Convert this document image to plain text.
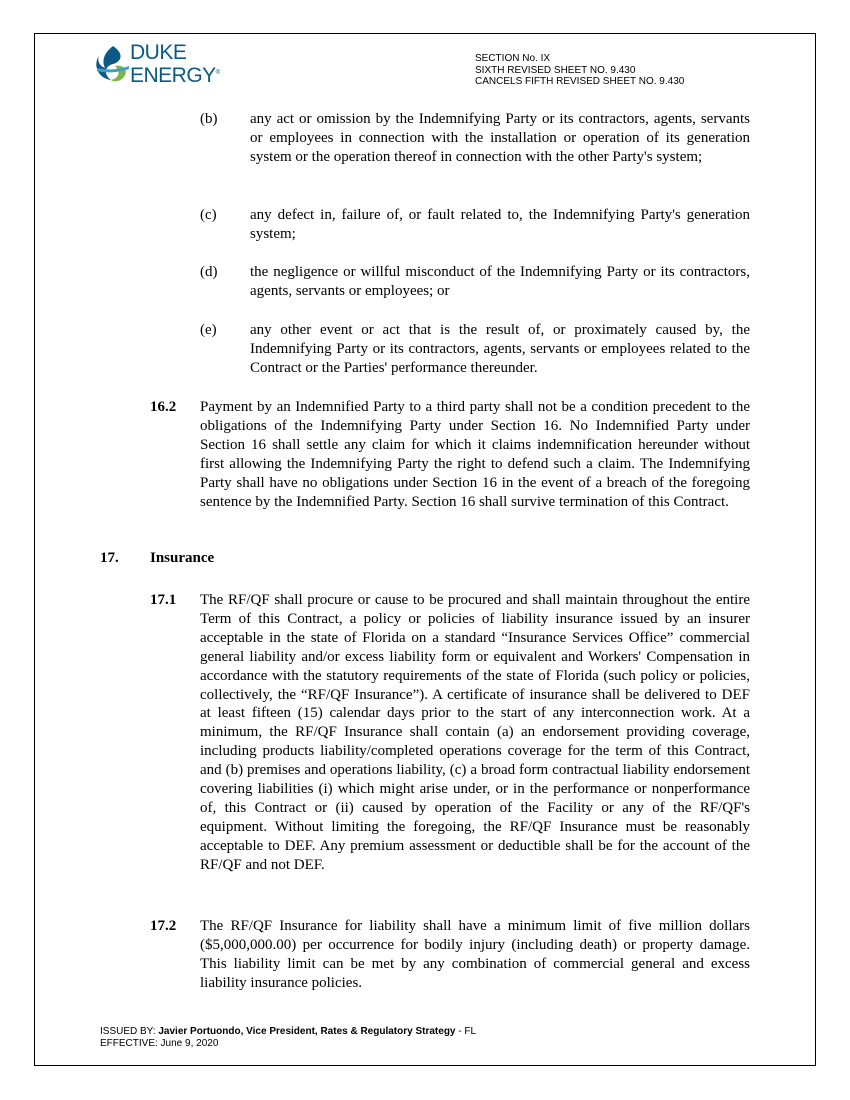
DUKE
ENERGY®
SECTION No. IX
SIXTH REVISED SHEET NO. 9.430
CANCELS FIFTH REVISED SHEET NO. 9.430
(b) any act or omission by the Indemnifying Party or its contractors, agents, servants or employees in connection with the installation or operation of its generation system or the operation thereof in connection with the other Party's system;
(c) any defect in, failure of, or fault related to, the Indemnifying Party's generation system;
(d) the negligence or willful misconduct of the Indemnifying Party or its contractors, agents, servants or employees; or
(e) any other event or act that is the result of, or proximately caused by, the Indemnifying Party or its contractors, agents, servants or employees related to the Contract or the Parties' performance thereunder.
16.2 Payment by an Indemnified Party to a third party shall not be a condition precedent to the obligations of the Indemnifying Party under Section 16. No Indemnified Party under Section 16 shall settle any claim for which it claims indemnification hereunder without first allowing the Indemnifying Party the right to defend such a claim. The Indemnifying Party shall have no obligations under Section 16 in the event of a breach of the foregoing sentence by the Indemnified Party. Section 16 shall survive termination of this Contract.
17. Insurance
17.1 The RF/QF shall procure or cause to be procured and shall maintain throughout the entire Term of this Contract, a policy or policies of liability insurance issued by an insurer acceptable in the state of Florida on a standard “Insurance Services Office” commercial general liability and/or excess liability form or equivalent and Workers' Compensation in accordance with the statutory requirements of the state of Florida (such policy or policies, collectively, the “RF/QF Insurance”). A certificate of insurance shall be delivered to DEF at least fifteen (15) calendar days prior to the start of any interconnection work. At a minimum, the RF/QF Insurance shall contain (a) an endorsement providing coverage, including products liability/completed operations coverage for the term of this Contract, and (b) premises and operations liability, (c) a broad form contractual liability endorsement covering liabilities (i) which might arise under, or in the performance or nonperformance of, this Contract or (ii) caused by operation of the Facility or any of the RF/QF's equipment. Without limiting the foregoing, the RF/QF Insurance must be reasonably acceptable to DEF. Any premium assessment or deductible shall be for the account of the RF/QF and not DEF.
17.2 The RF/QF Insurance for liability shall have a minimum limit of five million dollars ($5,000,000.00) per occurrence for bodily injury (including death) or property damage. This liability limit can be met by any combination of commercial general and excess liability insurance policies.
ISSUED BY: Javier Portuondo, Vice President, Rates & Regulatory Strategy - FL
EFFECTIVE: June 9, 2020
